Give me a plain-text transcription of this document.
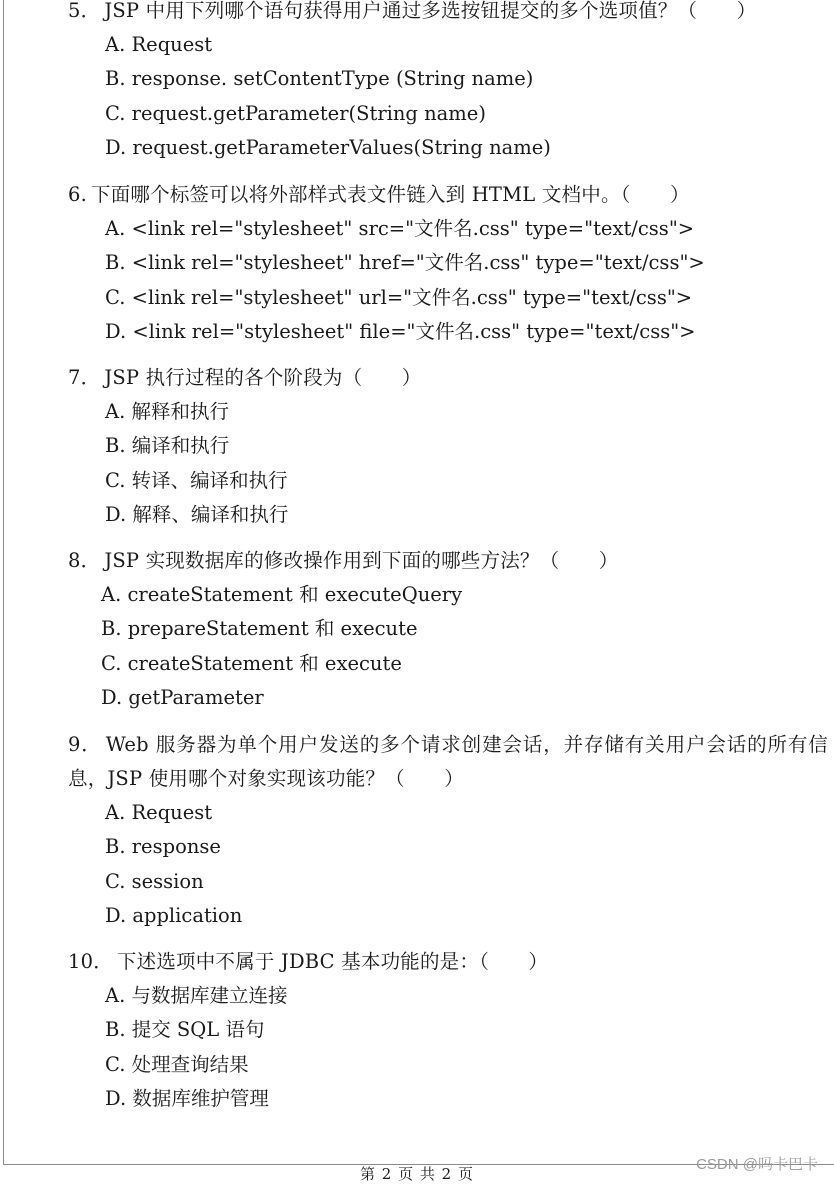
5． JSP 中用下列哪个语句获得用户通过多选按钮提交的多个选项值？（　　）
A. Request
B. response. setContentType (String name)
C. request.getParameter(String name)
D. request.getParameterValues(String name)
6. 下面哪个标签可以将外部样式表文件链入到 HTML 文档中。（　　）
A. <link rel="stylesheet" src="文件名.css" type="text/css">
B. <link rel="stylesheet" href="文件名.css" type="text/css">
C. <link rel="stylesheet" url="文件名.css" type="text/css">
D. <link rel="stylesheet" file="文件名.css" type="text/css">
7． JSP 执行过程的各个阶段为（　　）
A. 解释和执行
B. 编译和执行
C. 转译、编译和执行
D. 解释、编译和执行
8． JSP 实现数据库的修改操作用到下面的哪些方法？（　　）
A. createStatement 和 executeQuery
B. prepareStatement 和 execute
C. createStatement 和 execute
D. getParameter
9． Web 服务器为单个用户发送的多个请求创建会话，并存储有关用户会话的所有信息，JSP 使用哪个对象实现该功能？（　　）
A. Request
B. response
C. session
D. application
10． 下述选项中不属于 JDBC 基本功能的是：（　　）
A. 与数据库建立连接
B. 提交 SQL 语句
C. 处理查询结果
D. 数据库维护管理
第 2 页 共 2 页
CSDN @吗卡巴卡
